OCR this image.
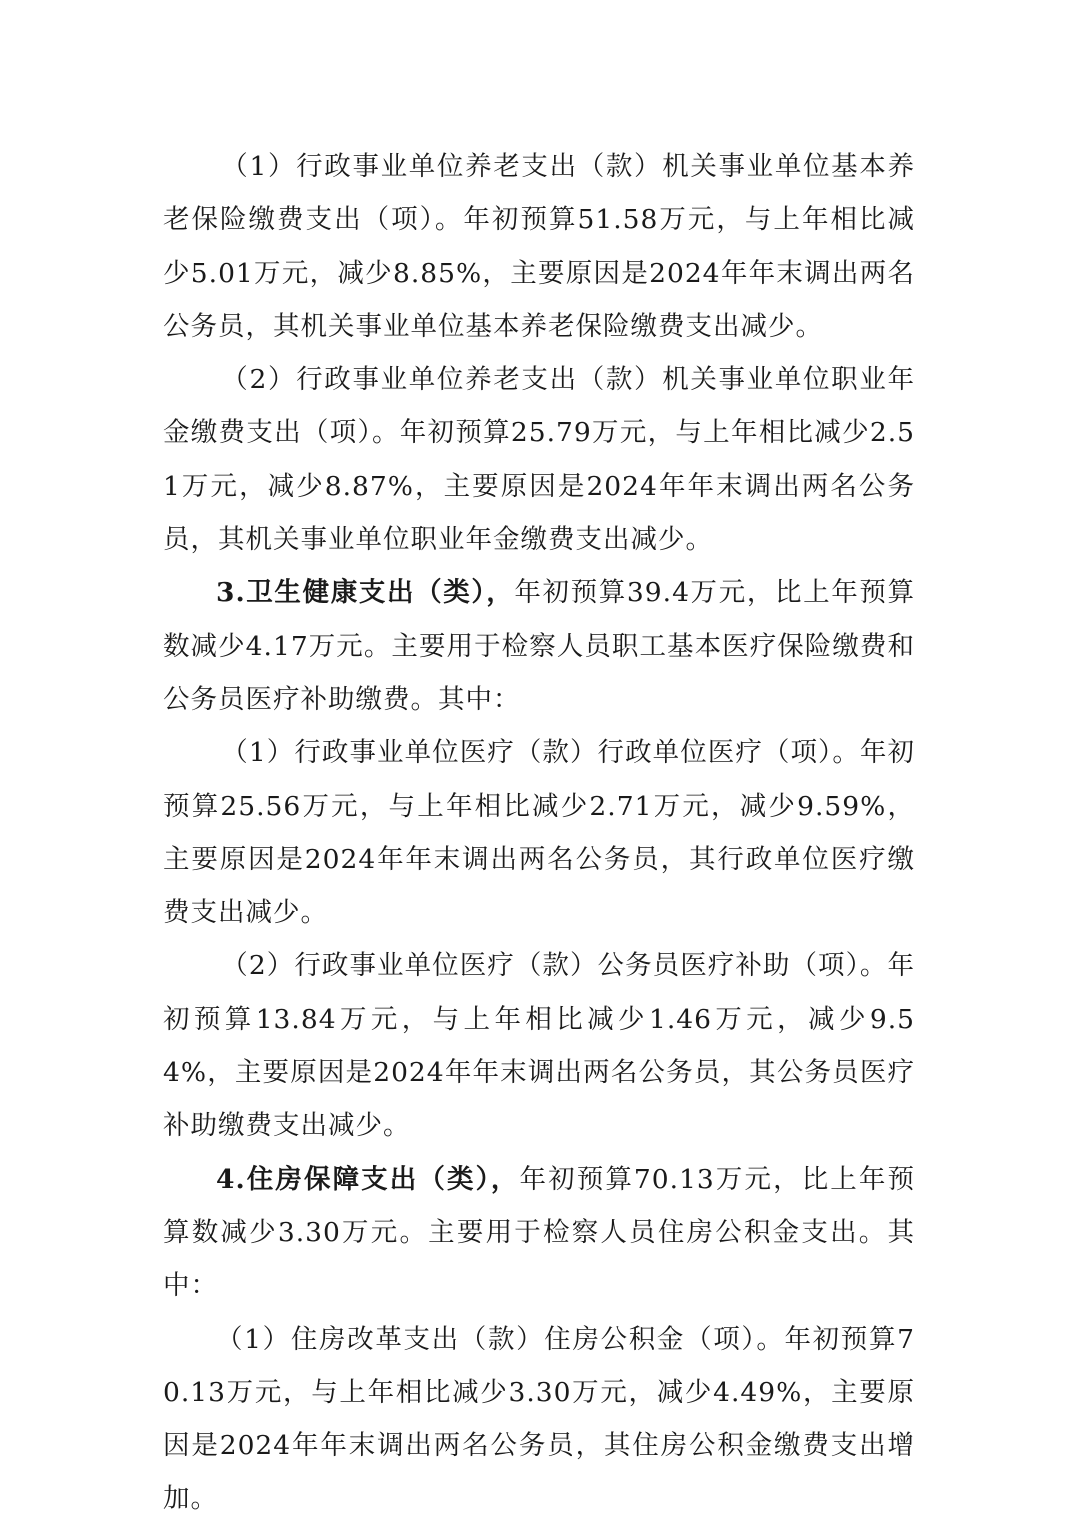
（1）行政事业单位养老支出（款）机关事业单位基本养老保险缴费支出（项）。年初预算51.58万元，与上年相比减少5.01万元，减少8.85%，主要原因是2024年年末调出两名公务员，其机关事业单位基本养老保险缴费支出减少。

（2）行政事业单位养老支出（款）机关事业单位职业年金缴费支出（项）。年初预算25.79万元，与上年相比减少2.51万元，减少8.87%，主要原因是2024年年末调出两名公务员，其机关事业单位职业年金缴费支出减少。

3.卫生健康支出（类），年初预算39.4万元，比上年预算数减少4.17万元。主要用于检察人员职工基本医疗保险缴费和公务员医疗补助缴费。其中：

（1）行政事业单位医疗（款）行政单位医疗（项）。年初预算25.56万元，与上年相比减少2.71万元，减少9.59%，主要原因是2024年年末调出两名公务员，其行政单位医疗缴费支出减少。

（2）行政事业单位医疗（款）公务员医疗补助（项）。年初预算13.84万元，与上年相比减少1.46万元，减少9.54%，主要原因是2024年年末调出两名公务员，其公务员医疗补助缴费支出减少。

4.住房保障支出（类），年初预算70.13万元，比上年预算数减少3.30万元。主要用于检察人员住房公积金支出。其中：

（1）住房改革支出（款）住房公积金（项）。年初预算70.13万元，与上年相比减少3.30万元，减少4.49%，主要原因是2024年年末调出两名公务员，其住房公积金缴费支出增加。
